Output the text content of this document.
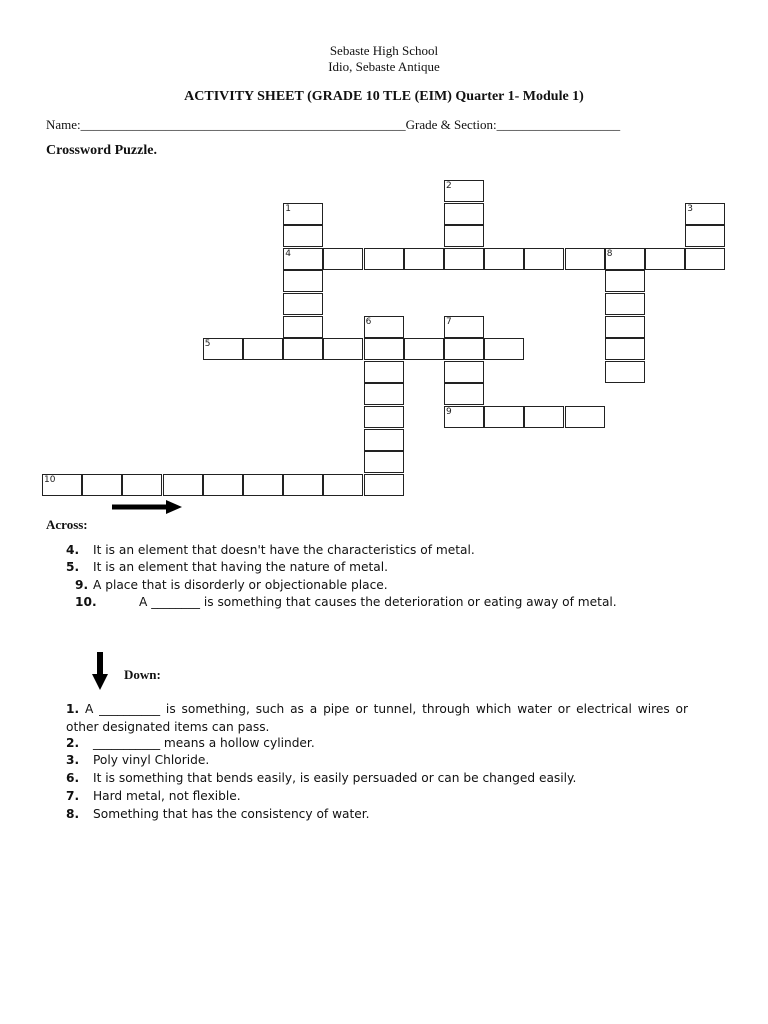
Sebaste High School
Idio, Sebaste Antique
ACTIVITY SHEET (GRADE 10 TLE (EIM) Quarter 1- Module 1)
Name:__________________________________________________Grade & Section:___________________
Crossword Puzzle.
1
2
3
4
5
6	7
8
9
10
Across:
4. It is an element that doesn't have the characteristics of metal.
5. It is an element that having the nature of metal.
9. A place that is disorderly or objectionable place.
10.	A ________ is something that causes the deterioration or eating away of metal.
Down:
1. A __________ is something, such as a pipe or tunnel, through which water or electrical wires or other designated items can pass.
2. ___________ means a hollow cylinder.
3. Poly vinyl Chloride.
6. It is something that bends easily, is easily persuaded or can be changed easily.
7. Hard metal, not flexible.
8. Something that has the consistency of water.
